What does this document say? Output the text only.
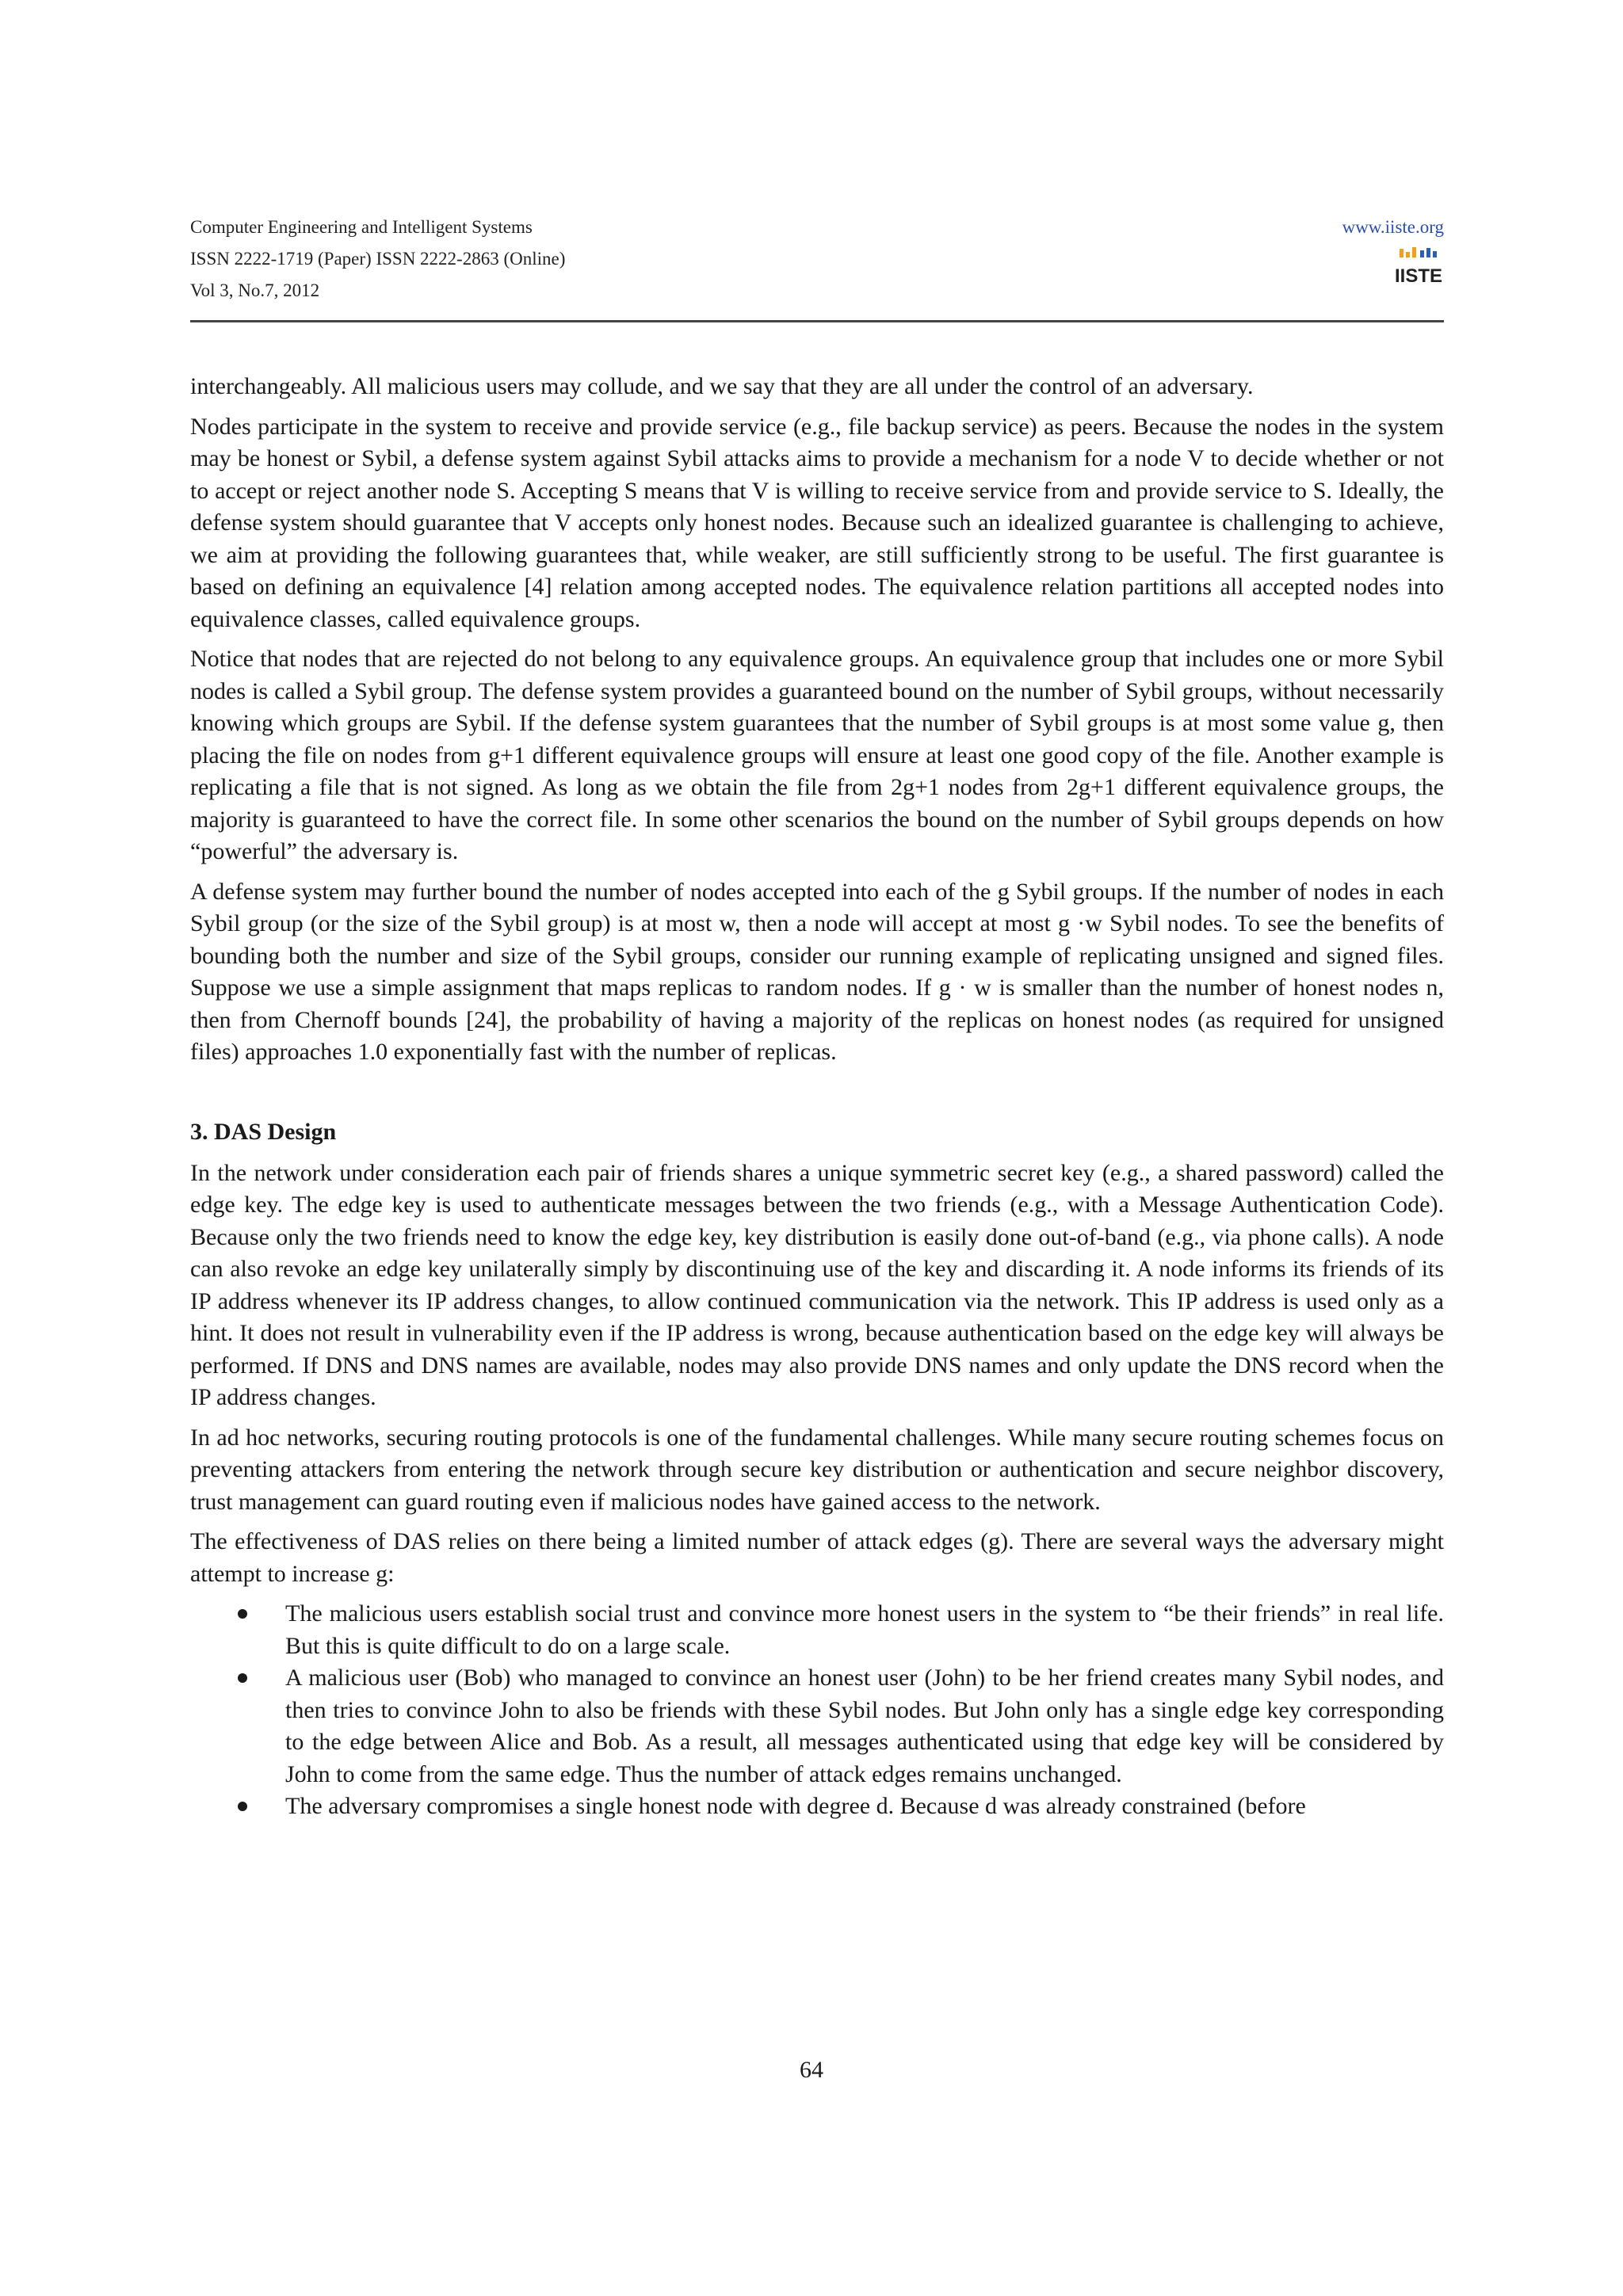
Computer Engineering and Intelligent Systems
ISSN 2222-1719 (Paper) ISSN 2222-2863 (Online)
Vol 3, No.7, 2012
www.iiste.org
IISTE

interchangeably. All malicious users may collude, and we say that they are all under the control of an adversary.

Nodes participate in the system to receive and provide service (e.g., file backup service) as peers. Because the nodes in the system may be honest or Sybil, a defense system against Sybil attacks aims to provide a mechanism for a node V to decide whether or not to accept or reject another node S. Accepting S means that V is willing to receive service from and provide service to S. Ideally, the defense system should guarantee that V accepts only honest nodes. Because such an idealized guarantee is challenging to achieve, we aim at providing the following guarantees that, while weaker, are still sufficiently strong to be useful. The first guarantee is based on defining an equivalence [4] relation among accepted nodes. The equivalence relation partitions all accepted nodes into equivalence classes, called equivalence groups.

Notice that nodes that are rejected do not belong to any equivalence groups. An equivalence group that includes one or more Sybil nodes is called a Sybil group. The defense system provides a guaranteed bound on the number of Sybil groups, without necessarily knowing which groups are Sybil. If the defense system guarantees that the number of Sybil groups is at most some value g, then placing the file on nodes from g+1 different equivalence groups will ensure at least one good copy of the file. Another example is replicating a file that is not signed. As long as we obtain the file from 2g+1 nodes from 2g+1 different equivalence groups, the majority is guaranteed to have the correct file. In some other scenarios the bound on the number of Sybil groups depends on how “powerful” the adversary is.

A defense system may further bound the number of nodes accepted into each of the g Sybil groups. If the number of nodes in each Sybil group (or the size of the Sybil group) is at most w, then a node will accept at most g ·w Sybil nodes. To see the benefits of bounding both the number and size of the Sybil groups, consider our running example of replicating unsigned and signed files. Suppose we use a simple assignment that maps replicas to random nodes. If g · w is smaller than the number of honest nodes n, then from Chernoff bounds [24], the probability of having a majority of the replicas on honest nodes (as required for unsigned files) approaches 1.0 exponentially fast with the number of replicas.

3. DAS Design

In the network under consideration each pair of friends shares a unique symmetric secret key (e.g., a shared password) called the edge key. The edge key is used to authenticate messages between the two friends (e.g., with a Message Authentication Code). Because only the two friends need to know the edge key, key distribution is easily done out-of-band (e.g., via phone calls). A node can also revoke an edge key unilaterally simply by discontinuing use of the key and discarding it. A node informs its friends of its IP address whenever its IP address changes, to allow continued communication via the network. This IP address is used only as a hint. It does not result in vulnerability even if the IP address is wrong, because authentication based on the edge key will always be performed. If DNS and DNS names are available, nodes may also provide DNS names and only update the DNS record when the IP address changes.

In ad hoc networks, securing routing protocols is one of the fundamental challenges. While many secure routing schemes focus on preventing attackers from entering the network through secure key distribution or authentication and secure neighbor discovery, trust management can guard routing even if malicious nodes have gained access to the network.

The effectiveness of DAS relies on there being a limited number of attack edges (g). There are several ways the adversary might attempt to increase g:

The malicious users establish social trust and convince more honest users in the system to “be their friends” in real life. But this is quite difficult to do on a large scale.
A malicious user (Bob) who managed to convince an honest user (John) to be her friend creates many Sybil nodes, and then tries to convince John to also be friends with these Sybil nodes. But John only has a single edge key corresponding to the edge between Alice and Bob. As a result, all messages authenticated using that edge key will be considered by John to come from the same edge. Thus the number of attack edges remains unchanged.
The adversary compromises a single honest node with degree d. Because d was already constrained (before
64
